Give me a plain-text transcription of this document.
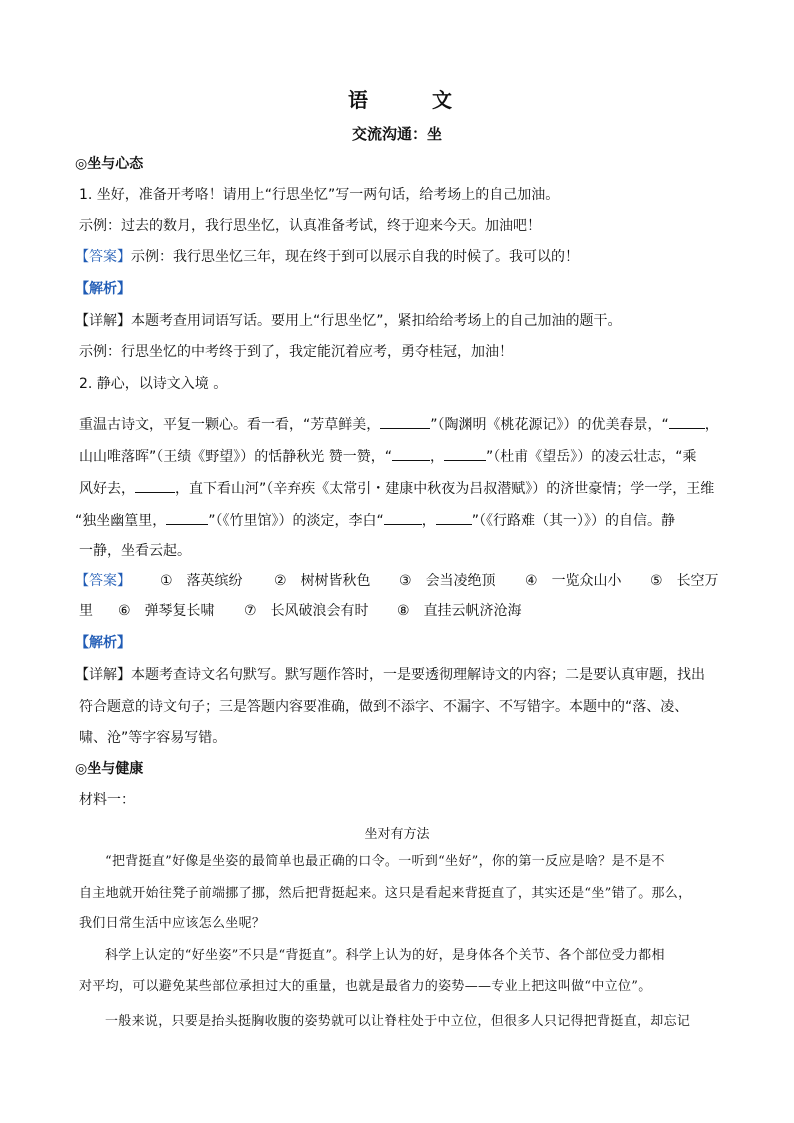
语　文
交流沟通：坐
◎坐与心态
1. 坐好，准备开考咯！请用上“行思坐忆”写一两句话，给考场上的自己加油。
示例：过去的数月，我行思坐忆，认真准备考试，终于迎来今天。加油吧！
【答案】示例：我行思坐忆三年，现在终于到可以展示自我的时候了。我可以的！
【解析】
【详解】本题考查用词语写话。要用上“行思坐忆”，紧扣给给考场上的自己加油的题干。
示例：行思坐忆的中考终于到了，我定能沉着应考，勇夺桂冠，加油！
2. 静心，以诗文入境 。
重温古诗文，平复一颗心。看一看，“芳草鲜美，	”（陶渊明《桃花源记》）的优美春景，“	，
山山唯落晖”（王绩《野望》）的恬静秋光 赞一赞，“	，	”（杜甫《望岳》）的凌云壮志，“乘
风好去，	，直下看山河”（辛弃疾《太常引・建康中秋夜为吕叔潜赋》）的济世豪情；学一学，王维
“独坐幽篁里，	”（《竹里馆》）的淡定，李白“	，	”（《行路难（其一）》）的自信。静
一静，坐看云起。
【答案】 ①　 落英缤纷 ②　 树树皆秋色 ③　 会当凌绝顶 ④　 一览众山小 ⑤　 长空万
里 ⑥　 弹琴复长啸 ⑦　 长风破浪会有时 ⑧　 直挂云帆济沧海
【解析】
【详解】本题考查诗文名句默写。默写题作答时，一是要透彻理解诗文的内容；二是要认真审题，找出
符合题意的诗文句子；三是答题内容要准确，做到不添字、不漏字、不写错字。本题中的“落、凌、
啸、沧”等字容易写错。
◎坐与健康
材料一：
坐对有方法
“把背挺直”好像是坐姿的最简单也最正确的口令。一听到“坐好”，你的第一反应是啥？是不是不
自主地就开始往凳子前端挪了挪，然后把背挺起来。这只是看起来背挺直了，其实还是“坐”错了。那么，
我们日常生活中应该怎么坐呢？
科学上认定的“好坐姿”不只是“背挺直”。科学上认为的好，是身体各个关节、各个部位受力都相
对平均，可以避免某些部位承担过大的重量，也就是最省力的姿势——专业上把这叫做“中立位”。
一般来说，只要是抬头挺胸收腹的姿势就可以让脊柱处于中立位，但很多人只记得把背挺直，却忘记
